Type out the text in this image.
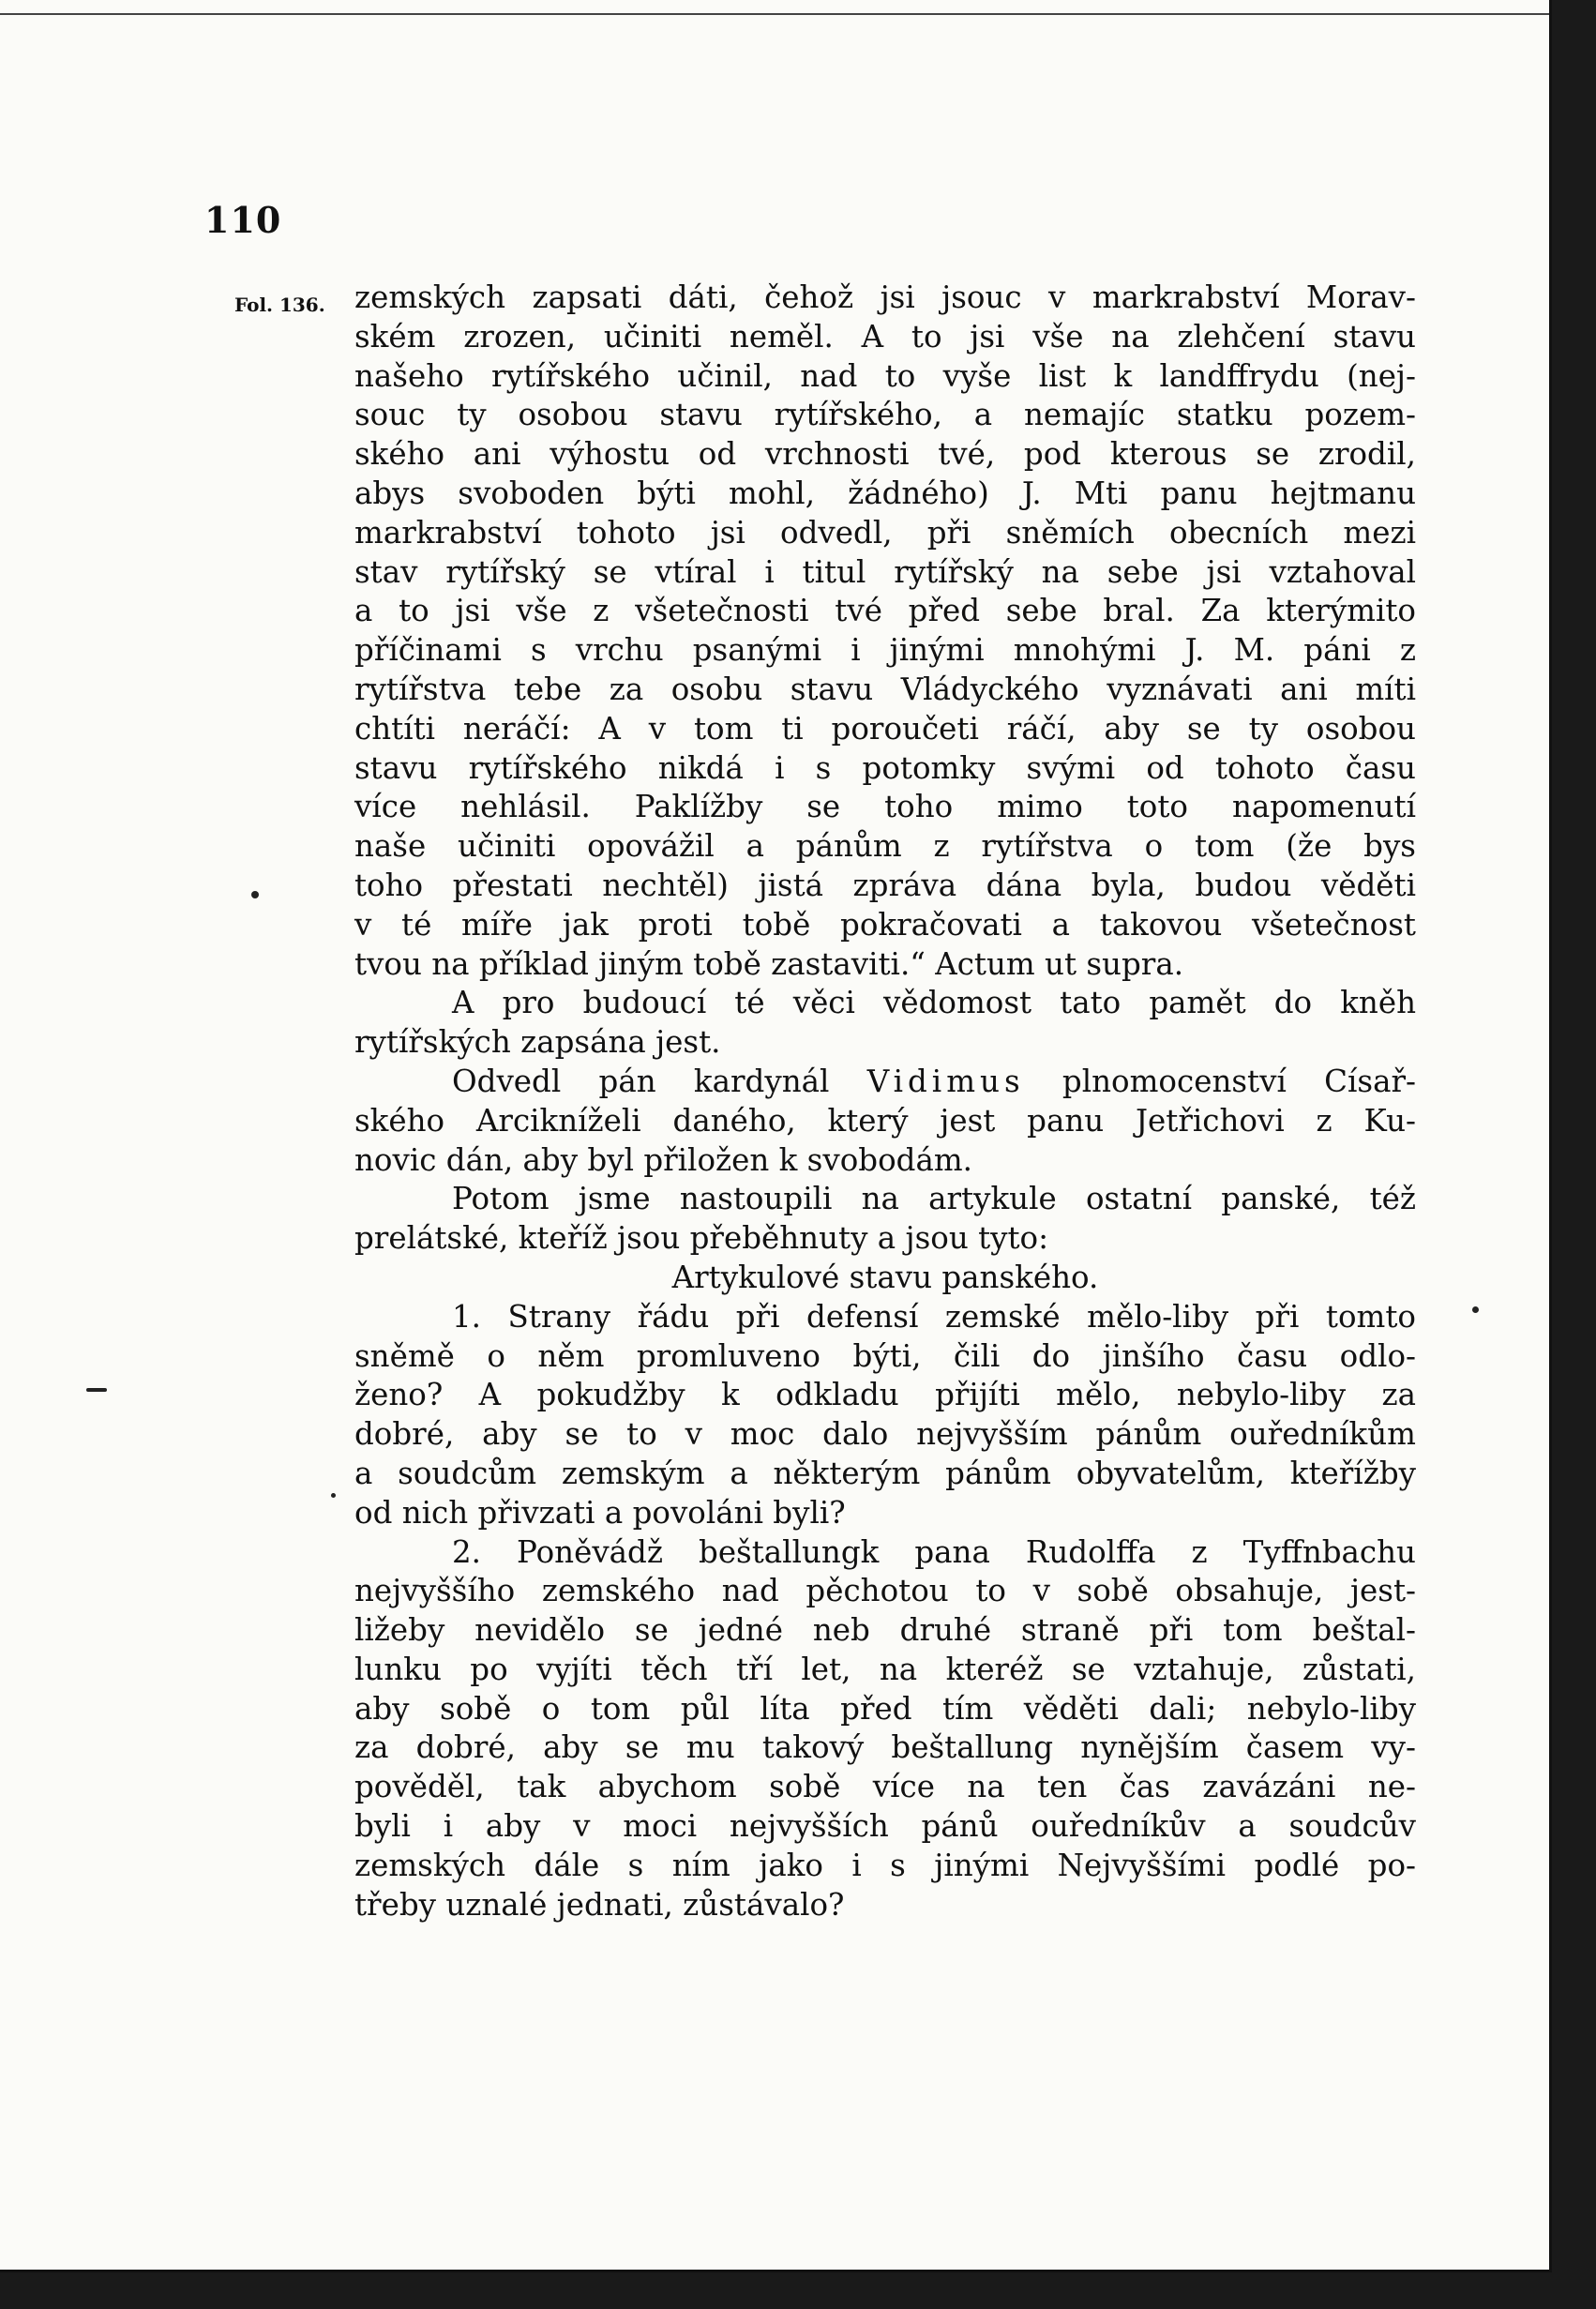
110
Fol. 136. zemských zapsati dáti, čehož jsi jsouc v markrabství Morav-
ském zrozen, učiniti neměl. A to jsi vše na zlehčení stavu
našeho rytířského učinil, nad to vyše list k landffrydu (nej-
souc ty osobou stavu rytířského, a nemajíc statku pozem-
ského ani výhostu od vrchnosti tvé, pod kterous se zrodil,
abys svoboden býti mohl, žádného) J. Mti panu hejtmanu
markrabství tohoto jsi odvedl, při sněmích obecních mezi
stav rytířský se vtíral i titul rytířský na sebe jsi vztahoval
a to jsi vše z všetečnosti tvé před sebe bral. Za kterýmito
příčinami s vrchu psanými i jinými mnohými J. M. páni z
rytířstva tebe za osobu stavu Vládyckého vyznávati ani míti
chtíti neráčí: A v tom ti poroučeti ráčí, aby se ty osobou
stavu rytířského nikdá i s potomky svými od tohoto času
více nehlásil. Paklížby se toho mimo toto napomenutí
naše učiniti opovážil a pánům z rytířstva o tom (že bys
toho přestati nechtěl) jistá zpráva dána byla, budou věděti
v té míře jak proti tobě pokračovati a takovou všetečnost
tvou na příklad jiným tobě zastaviti.“ Actum ut supra.
A pro budoucí té věci vědomost tato pamět do kněh
rytířských zapsána jest.
Odvedl pán kardynál Vidimus plnomocenství Císař-
ského Arcikníželi daného, který jest panu Jetřichovi z Ku-
novic dán, aby byl přiložen k svobodám.
Potom jsme nastoupili na artykule ostatní panské, též
prelátské, kteříž jsou přeběhnuty a jsou tyto:
Artykulové stavu panského.
1. Strany řádu při defensí zemské mělo-liby při tomto
sněmě o něm promluveno býti, čili do jinšího času odlo-
ženo? A pokudžby k odkladu přijíti mělo, nebylo-liby za
dobré, aby se to v moc dalo nejvyšším pánům ouředníkům
a soudcům zemským a některým pánům obyvatelům, kteřížby
od nich přivzati a povoláni byli?
2. Poněvádž beštallungk pana Rudolffa z Tyffnbachu
nejvyššího zemského nad pěchotou to v sobě obsahuje, jest-
ližeby nevidělo se jedné neb druhé straně při tom beštal-
lunku po vyjíti těch tří let, na kteréž se vztahuje, zůstati,
aby sobě o tom půl líta před tím věděti dali; nebylo-liby
za dobré, aby se mu takový beštallung nynějším časem vy-
pověděl, tak abychom sobě více na ten čas zavázáni ne-
byli i aby v moci nejvyšších pánů ouředníkův a soudcův
zemských dále s ním jako i s jinými Nejvyššími podlé po-
třeby uznalé jednati, zůstávalo?
